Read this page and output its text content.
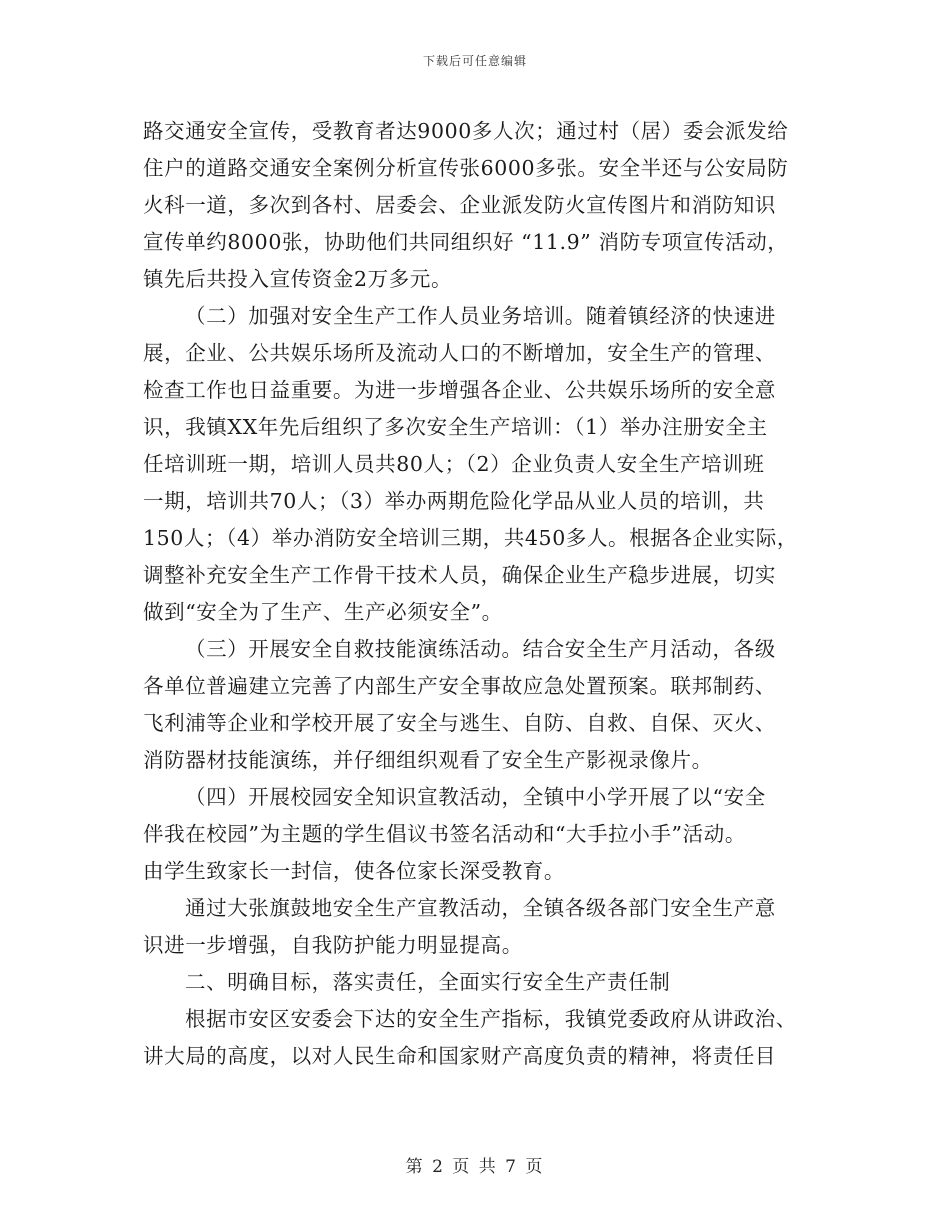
下载后可任意编辑
路交通安全宣传，受教育者达9000多人次；通过村（居）委会派发给
住户的道路交通安全案例分析宣传张6000多张。安全半还与公安局防
火科一道，多次到各村、居委会、企业派发防火宣传图片和消防知识
宣传单约8000张，协助他们共同组织好 “11.9” 消防专项宣传活动，
镇先后共投入宣传资金2万多元。
（二）加强对安全生产工作人员业务培训。随着镇经济的快速进
展，企业、公共娱乐场所及流动人口的不断增加，安全生产的管理、
检查工作也日益重要。为进一步增强各企业、公共娱乐场所的安全意
识，我镇XX年先后组织了多次安全生产培训：（1）举办注册安全主
任培训班一期，培训人员共80人；（2）企业负责人安全生产培训班
一期，培训共70人；（3）举办两期危险化学品从业人员的培训，共
150人；（4）举办消防安全培训三期，共450多人。根据各企业实际，
调整补充安全生产工作骨干技术人员，确保企业生产稳步进展，切实
做到“安全为了生产、生产必须安全”。
（三）开展安全自救技能演练活动。结合安全生产月活动，各级
各单位普遍建立完善了内部生产安全事故应急处置预案。联邦制药、
飞利浦等企业和学校开展了安全与逃生、自防、自救、自保、灭火、
消防器材技能演练，并仔细组织观看了安全生产影视录像片。
（四）开展校园安全知识宣教活动，全镇中小学开展了以“安全
伴我在校园”为主题的学生倡议书签名活动和“大手拉小手”活动。
由学生致家长一封信，使各位家长深受教育。
通过大张旗鼓地安全生产宣教活动，全镇各级各部门安全生产意
识进一步增强，自我防护能力明显提高。
二、明确目标，落实责任，全面实行安全生产责任制
根据市安区安委会下达的安全生产指标，我镇党委政府从讲政治、
讲大局的高度，以对人民生命和国家财产高度负责的精神，将责任目
第 2 页 共 7 页
